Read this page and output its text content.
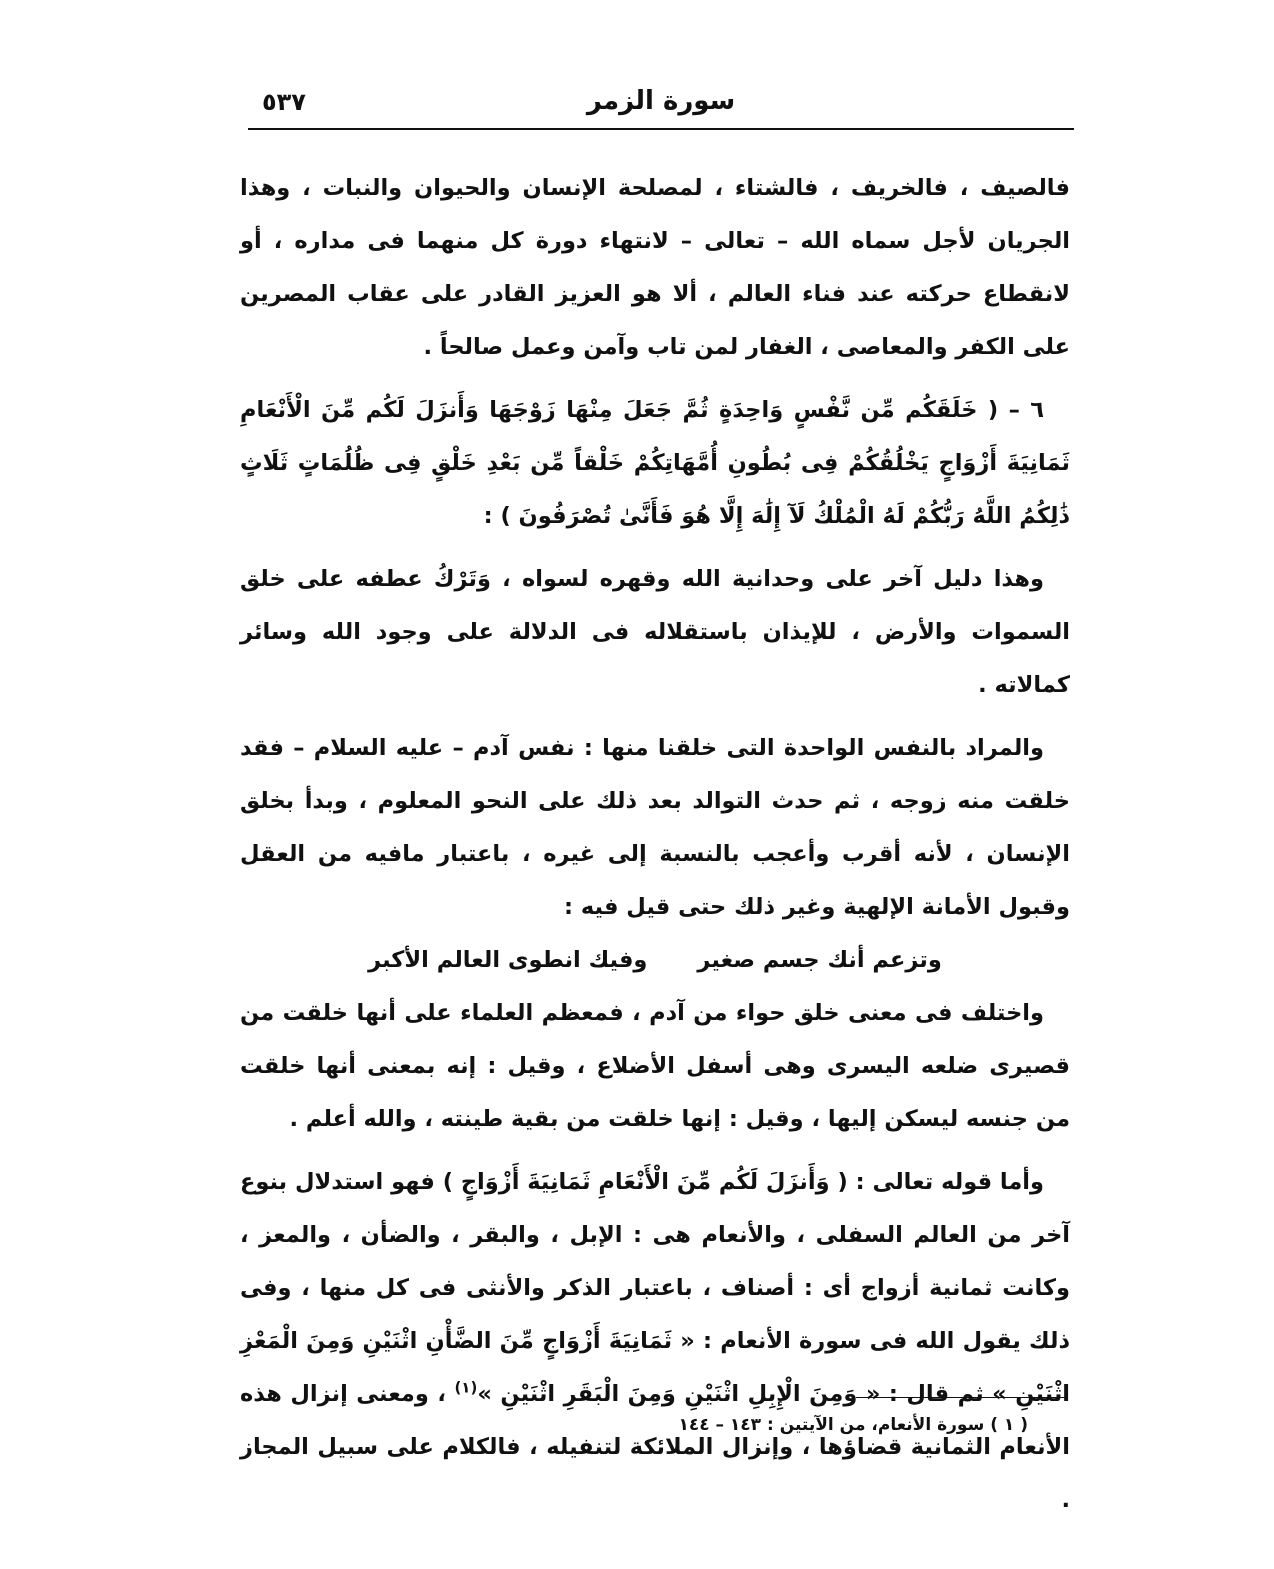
سورة الزمر
٥٣٧

فالصيف ، فالخريف ، فالشتاء ، لمصلحة الإنسان والحيوان والنبات ، وهذا الجريان لأجل سماه الله – تعالى – لانتهاء دورة كل منهما فى مداره ، أو لانقطاع حركته عند فناء العالم ، ألا هو العزيز القادر على عقاب المصرين على الكفر والمعاصى ، الغفار لمن تاب وآمن وعمل صالحاً .

٦ – ( خَلَقَكُم مِّن نَّفْسٍ وَاحِدَةٍ ثُمَّ جَعَلَ مِنْهَا زَوْجَهَا وَأَنزَلَ لَكُم مِّنَ الْأَنْعَامِ ثَمَانِيَةَ أَزْوَاجٍ يَخْلُقُكُمْ فِى بُطُونِ أُمَّهَاتِكُمْ خَلْقاً مِّن بَعْدِ خَلْقٍ فِى ظُلُمَاتٍ ثَلَاثٍ ذَٰلِكُمُ اللَّهُ رَبُّكُمْ لَهُ الْمُلْكُ لَآ إِلَٰهَ إِلَّا هُوَ فَأَنَّىٰ تُصْرَفُونَ ) :

وهذا دليل آخر على وحدانية الله وقهره لسواه ، وَتَرْكُ عطفه على خلق السموات والأرض ، للإيذان باستقلاله فى الدلالة على وجود الله وسائر كمالاته .

والمراد بالنفس الواحدة التى خلقنا منها : نفس آدم – عليه السلام – فقد خلقت منه زوجه ، ثم حدث التوالد بعد ذلك على النحو المعلوم ، وبدأ بخلق الإنسان ، لأنه أقرب وأعجب بالنسبة إلى غيره ، باعتبار مافيه من العقل وقبول الأمانة الإلهية وغير ذلك حتى قيل فيه :

وتزعم أنك جسم صغيروفيك انطوى العالم الأكبر

واختلف فى معنى خلق حواء من آدم ، فمعظم العلماء على أنها خلقت من قصيرى ضلعه اليسرى وهى أسفل الأضلاع ، وقيل : إنه بمعنى أنها خلقت من جنسه ليسكن إليها ، وقيل : إنها خلقت من بقية طينته ، والله أعلم .

وأما قوله تعالى : ( وَأَنزَلَ لَكُم مِّنَ الْأَنْعَامِ ثَمَانِيَةَ أَزْوَاجٍ ) فهو استدلال بنوع آخر من العالم السفلى ، والأنعام هى : الإبل ، والبقر ، والضأن ، والمعز ، وكانت ثمانية أزواج أى : أصناف ، باعتبار الذكر والأنثى فى كل منها ، وفى ذلك يقول الله فى سورة الأنعام : « ثَمَانِيَةَ أَزْوَاجٍ مِّنَ الضَّأْنِ اثْنَيْنِ وَمِنَ الْمَعْزِ اثْنَيْنِ » ثم قال : « وَمِنَ الْإِبِلِ اثْنَيْنِ وَمِنَ الْبَقَرِ اثْنَيْنِ »$^{(١)}$ ، ومعنى إنزال هذه الأنعام الثمانية قضاؤها ، وإنزال الملائكة لتنفيله ، فالكلام على سبيل المجاز .

( ١ ) سورة الأنعام، من الآيتين : ١٤٣ – ١٤٤
